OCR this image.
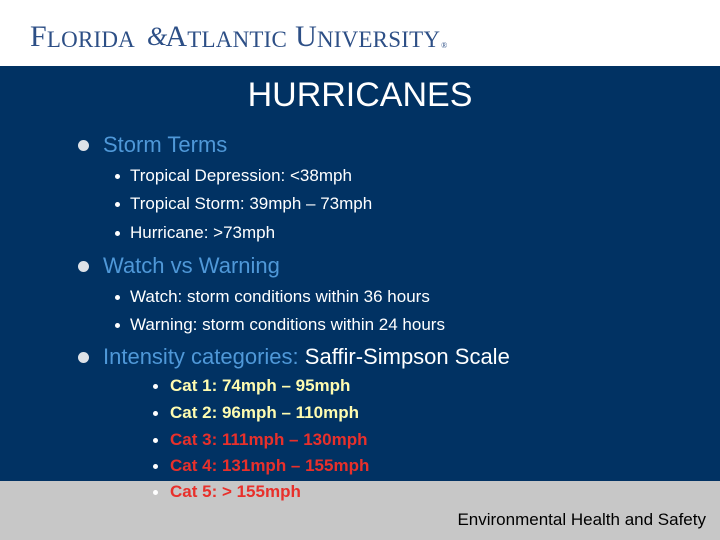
F LORIDA &
A TLANTIC U NIVERSITY ®
HURRICANES
Storm Terms
Tropical Depression: <38mph
Tropical Storm: 39mph – 73mph
Hurricane: >73mph
Watch vs Warning
Watch: storm conditions within 36 hours
Warning: storm conditions within 24 hours
Intensity categories: Saffir-Simpson Scale
Cat 1: 74mph – 95mph
Cat 2: 96mph – 110mph
Cat 3: 111mph – 130mph
Cat 4: 131mph – 155mph
Environmental Health and Safety
Cat 5: > 155mph
